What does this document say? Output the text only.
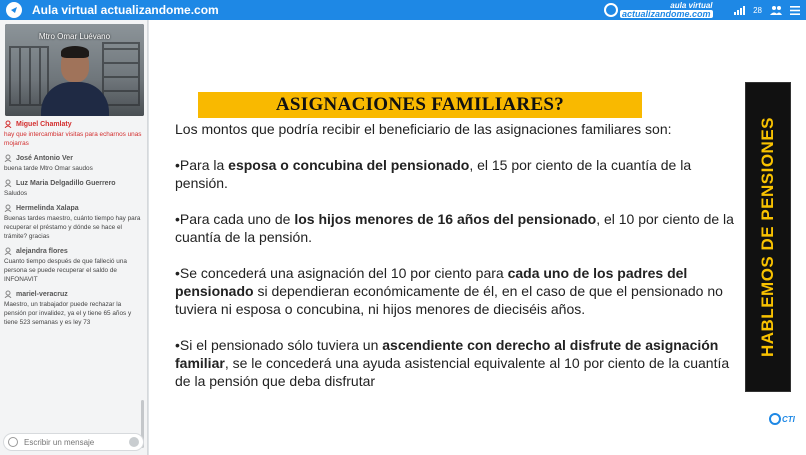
Aula virtual actualizandome.com	aula virtual
actualizandome.com	28
Mtro Omar Luévano
Miguel Chamlaty
hay que intercambiar visitas para echarnos unas mojarras
José Antonio Ver
buena tarde Mtro Omar saudos
Luz Maria Delgadillo Guerrero
Saludos
Hermelinda Xalapa
Buenas tardes maestro, cuánto tiempo hay para recuperar el préstamo y dónde se hace el trámite? gracias
alejandra flores
Cuanto tiempo después de que falleció una persona se puede recuperar el saldo de INFONAVIT
mariel-veracruz
Maestro, un trabajador puede rechazar la pensión por invalidez, ya el y tiene 65 años y tiene 523 semanas y es ley 73
Escribir un mensaje
ASIGNACIONES FAMILIARES?

Los montos que podría recibir el beneficiario de las asignaciones familiares son:

•Para la esposa o concubina del pensionado, el 15 por ciento de la cuantía de la pensión.

•Para cada uno de los hijos menores de 16 años del pensionado, el 10 por ciento de la cuantía de la pensión.

•Se concederá una asignación del 10 por ciento para cada uno de los padres del pensionado si dependieran económicamente de él, en el caso de que el pensionado no tuviera ni esposa o concubina, ni hijos menores de dieciséis años.

•Si el pensionado sólo tuviera un ascendiente con derecho al disfrute de asignación familiar, se le concederá una ayuda asistencial equivalente al 10 por ciento de la cuantía de la pensión que deba disfrutar

HABLEMOS DE PENSIONES
CTI
